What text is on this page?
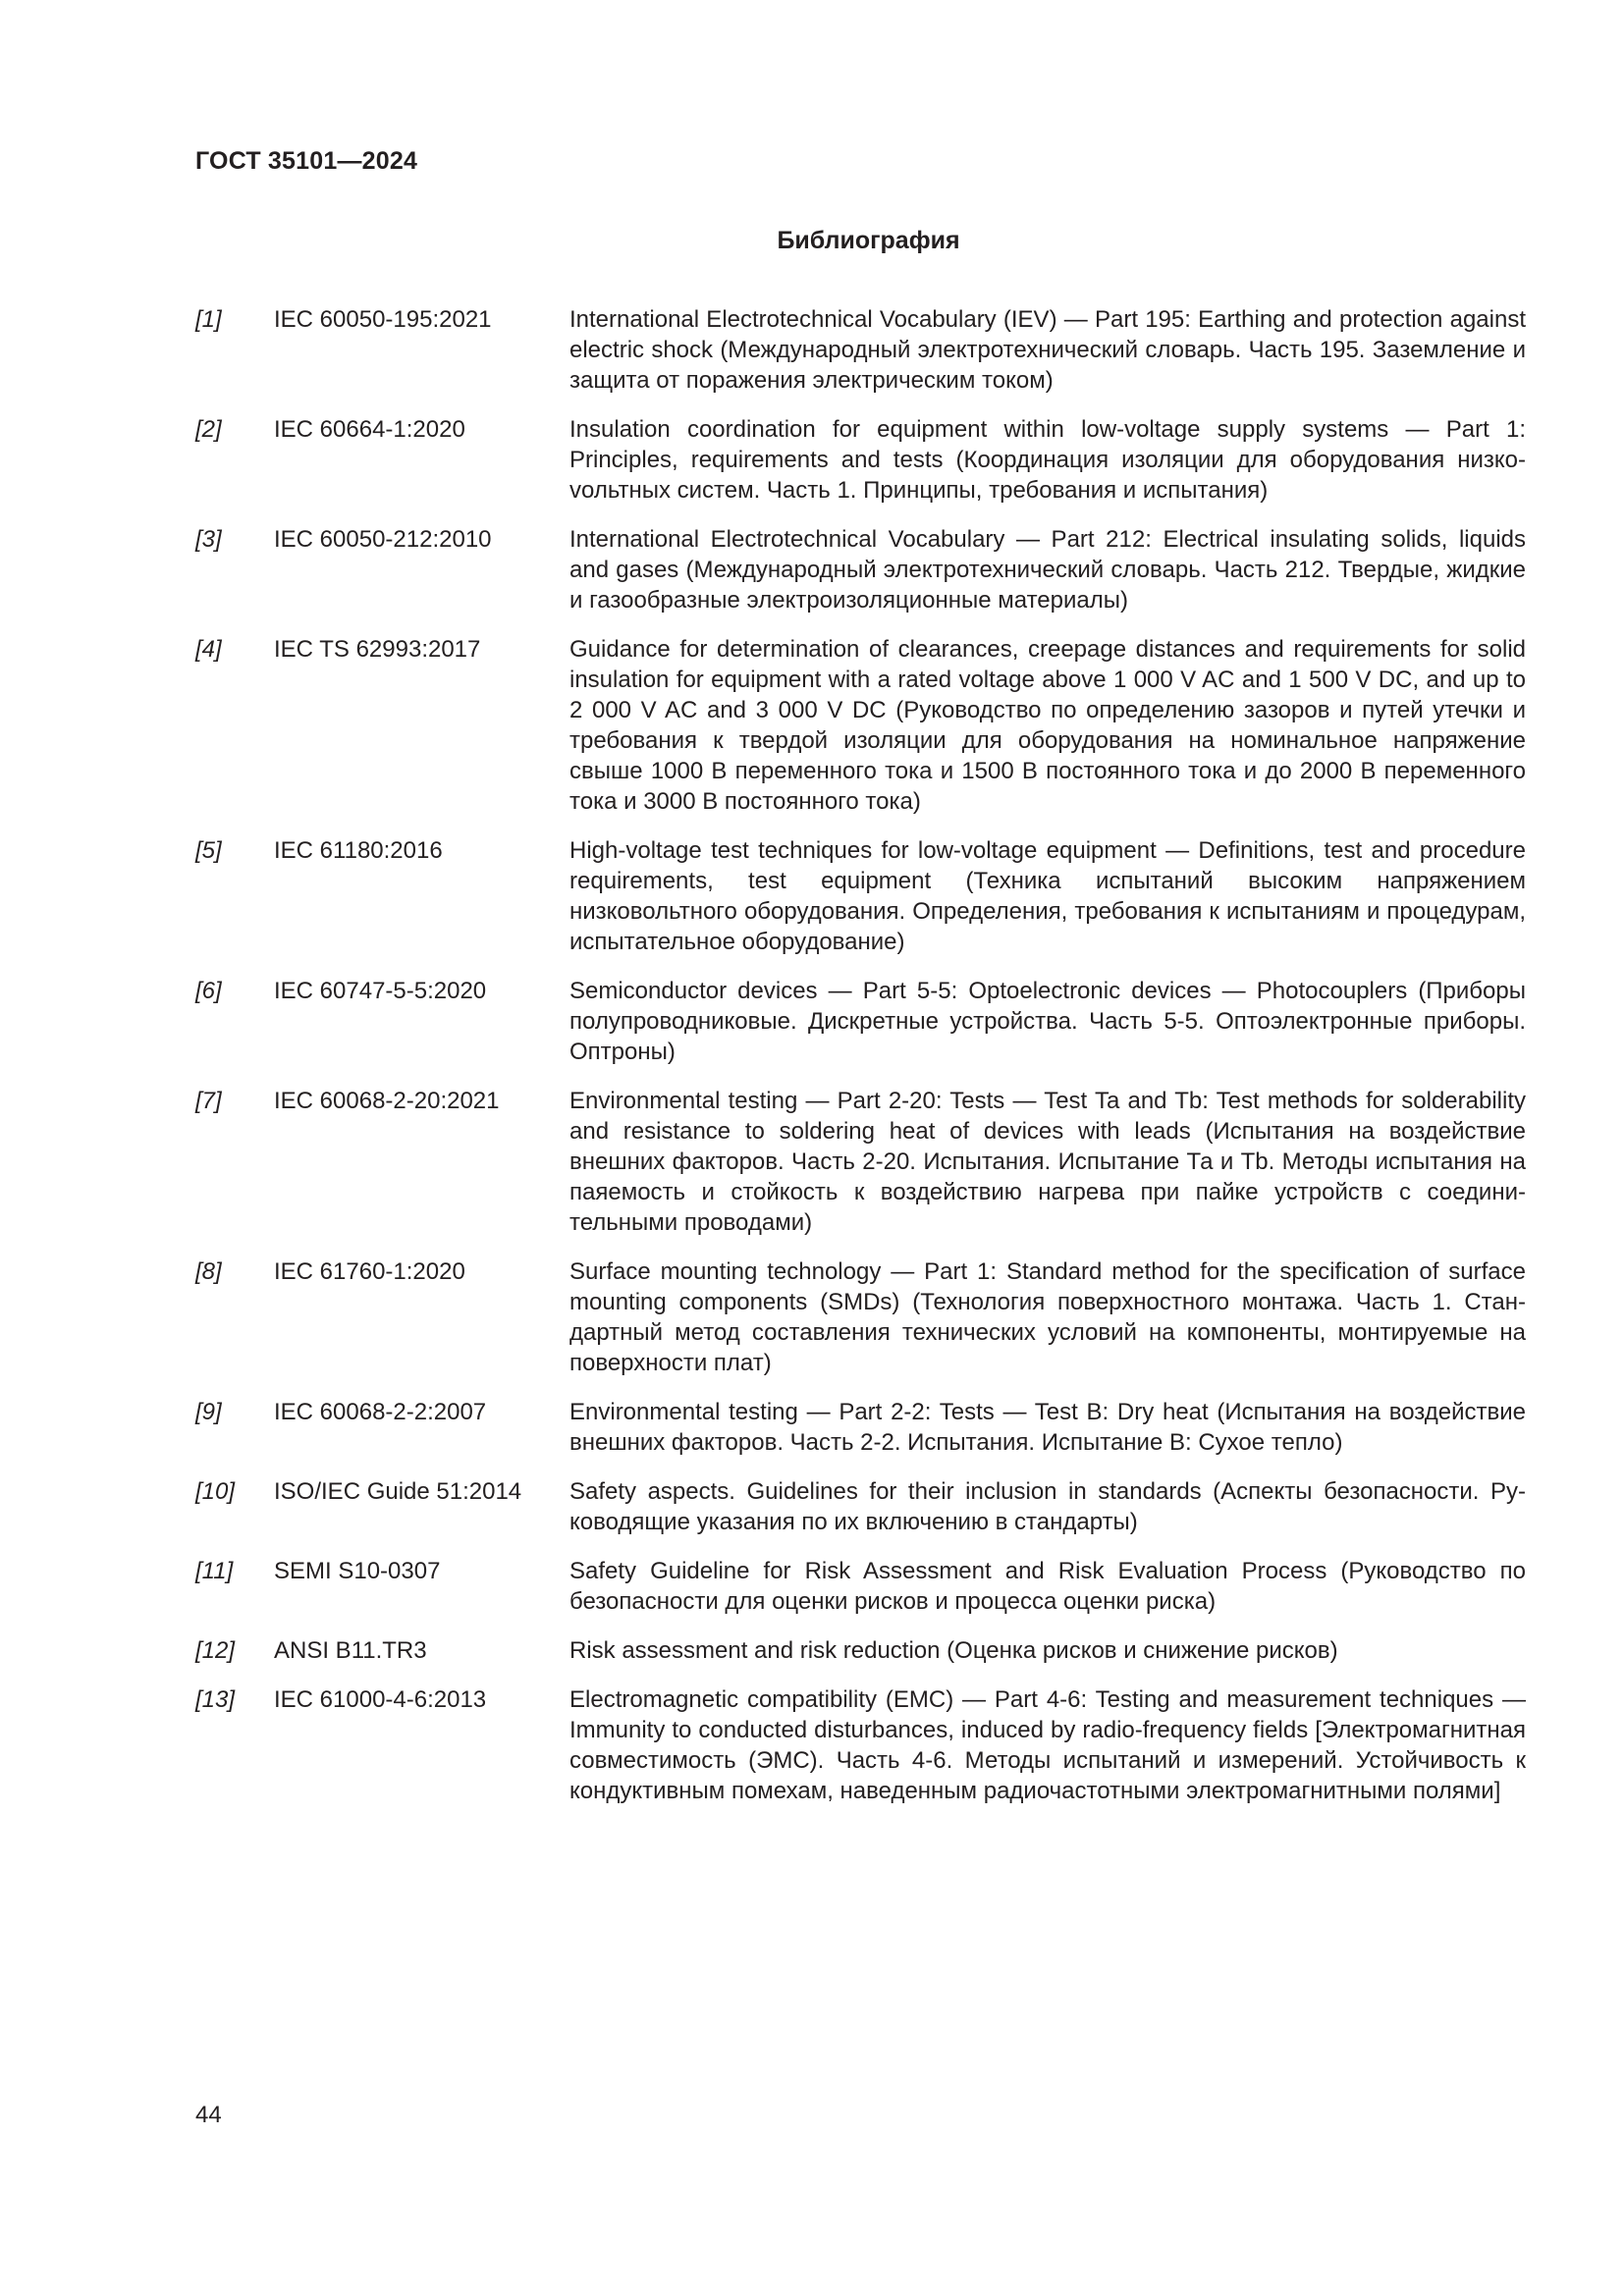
ГОСТ 35101—2024
Библиография
[1]	IEC 60050-195:2021	International Electrotechnical Vocabulary (IEV) — Part 195: Earthing and protection against electric shock (Международный электротехнический словарь. Часть 195. Заземление и защита от поражения электрическим током)
[2]	IEC 60664-1:2020	Insulation coordination for equipment within low-voltage supply systems — Part 1: Principles, requirements and tests (Координация изоляции для оборудования низкоvольтных систем. Часть 1. Принципы, требования и испытания)
[3]	IEC 60050-212:2010	International Electrotechnical Vocabulary — Part 212: Electrical insulating solids, liquids and gases (Международный электротехнический словарь. Часть 212. Твердые, жидкие и газообразные электроизоляционные материалы)
[4]	IEC TS 62993:2017	Guidance for determination of clearances, creepage distances and requirements for solid insulation for equipment with a rated voltage above 1 000 V AC and 1 500 V DC, and up to 2 000 V AC and 3 000 V DC (Руководство по определению зазоров и путей утечки и требования к твердой изоляции для оборудования на номинальное напряжение свыше 1000 В переменного тока и 1500 В постоянного тока и до 2000 В переменного тока и 3000 В постоянного тока)
[5]	IEC 61180:2016	High-voltage test techniques for low-voltage equipment — Definitions, test and procedure requirements, test equipment (Техника испытаний высоким напряжением низковольтного оборудования. Определения, требования к испытаниям и процедурам, испытательное оборудование)
[6]	IEC 60747-5-5:2020	Semiconductor devices — Part 5-5: Optoelectronic devices — Photocouplers (Приборы полупроводниковые. Дискретные устройства. Часть 5-5. Оптоэлектронные приборы. Оптроны)
[7]	IEC 60068-2-20:2021	Environmental testing — Part 2-20: Tests — Test Ta and Tb: Test methods for solderability and resistance to soldering heat of devices with leads (Испытания на воздействие внешних факторов. Часть 2-20. Испытания. Испытание Та и Tb. Методы испытания на паяемость и стойкость к воздействию нагрева при пайке устройств с соединительными проводами)
[8]	IEC 61760-1:2020	Surface mounting technology — Part 1: Standard method for the specification of surface mounting components (SMDs) (Технология поверхностного монтажа. Часть 1. Стандартный метод составления технических условий на компоненты, монтируемые на поверхности плат)
[9]	IEC 60068-2-2:2007	Environmental testing — Part 2-2: Tests — Test B: Dry heat (Испытания на воздействие внешних факторов. Часть 2-2. Испытания. Испытание В: Сухое тепло)
[10]	ISO/IEC Guide 51:2014	Safety aspects. Guidelines for their inclusion in standards (Аспекты безопасности. Руководящие указания по их включению в стандарты)
[11]	SEMI S10-0307	Safety Guideline for Risk Assessment and Risk Evaluation Process (Руководство по безопасности для оценки рисков и процесса оценки риска)
[12]	ANSI B11.TR3	Risk assessment and risk reduction (Оценка рисков и снижение рисков)
[13]	IEC 61000-4-6:2013	Electromagnetic compatibility (EMC) — Part 4-6: Testing and measurement techniques — Immunity to conducted disturbances, induced by radio-frequency fields [Электромагнитная совместимость (ЭМС). Часть 4-6. Методы испытаний и измерений. Устойчивость к кондуктивным помехам, наведенным радиочастотными электромагнитными полями]
44
